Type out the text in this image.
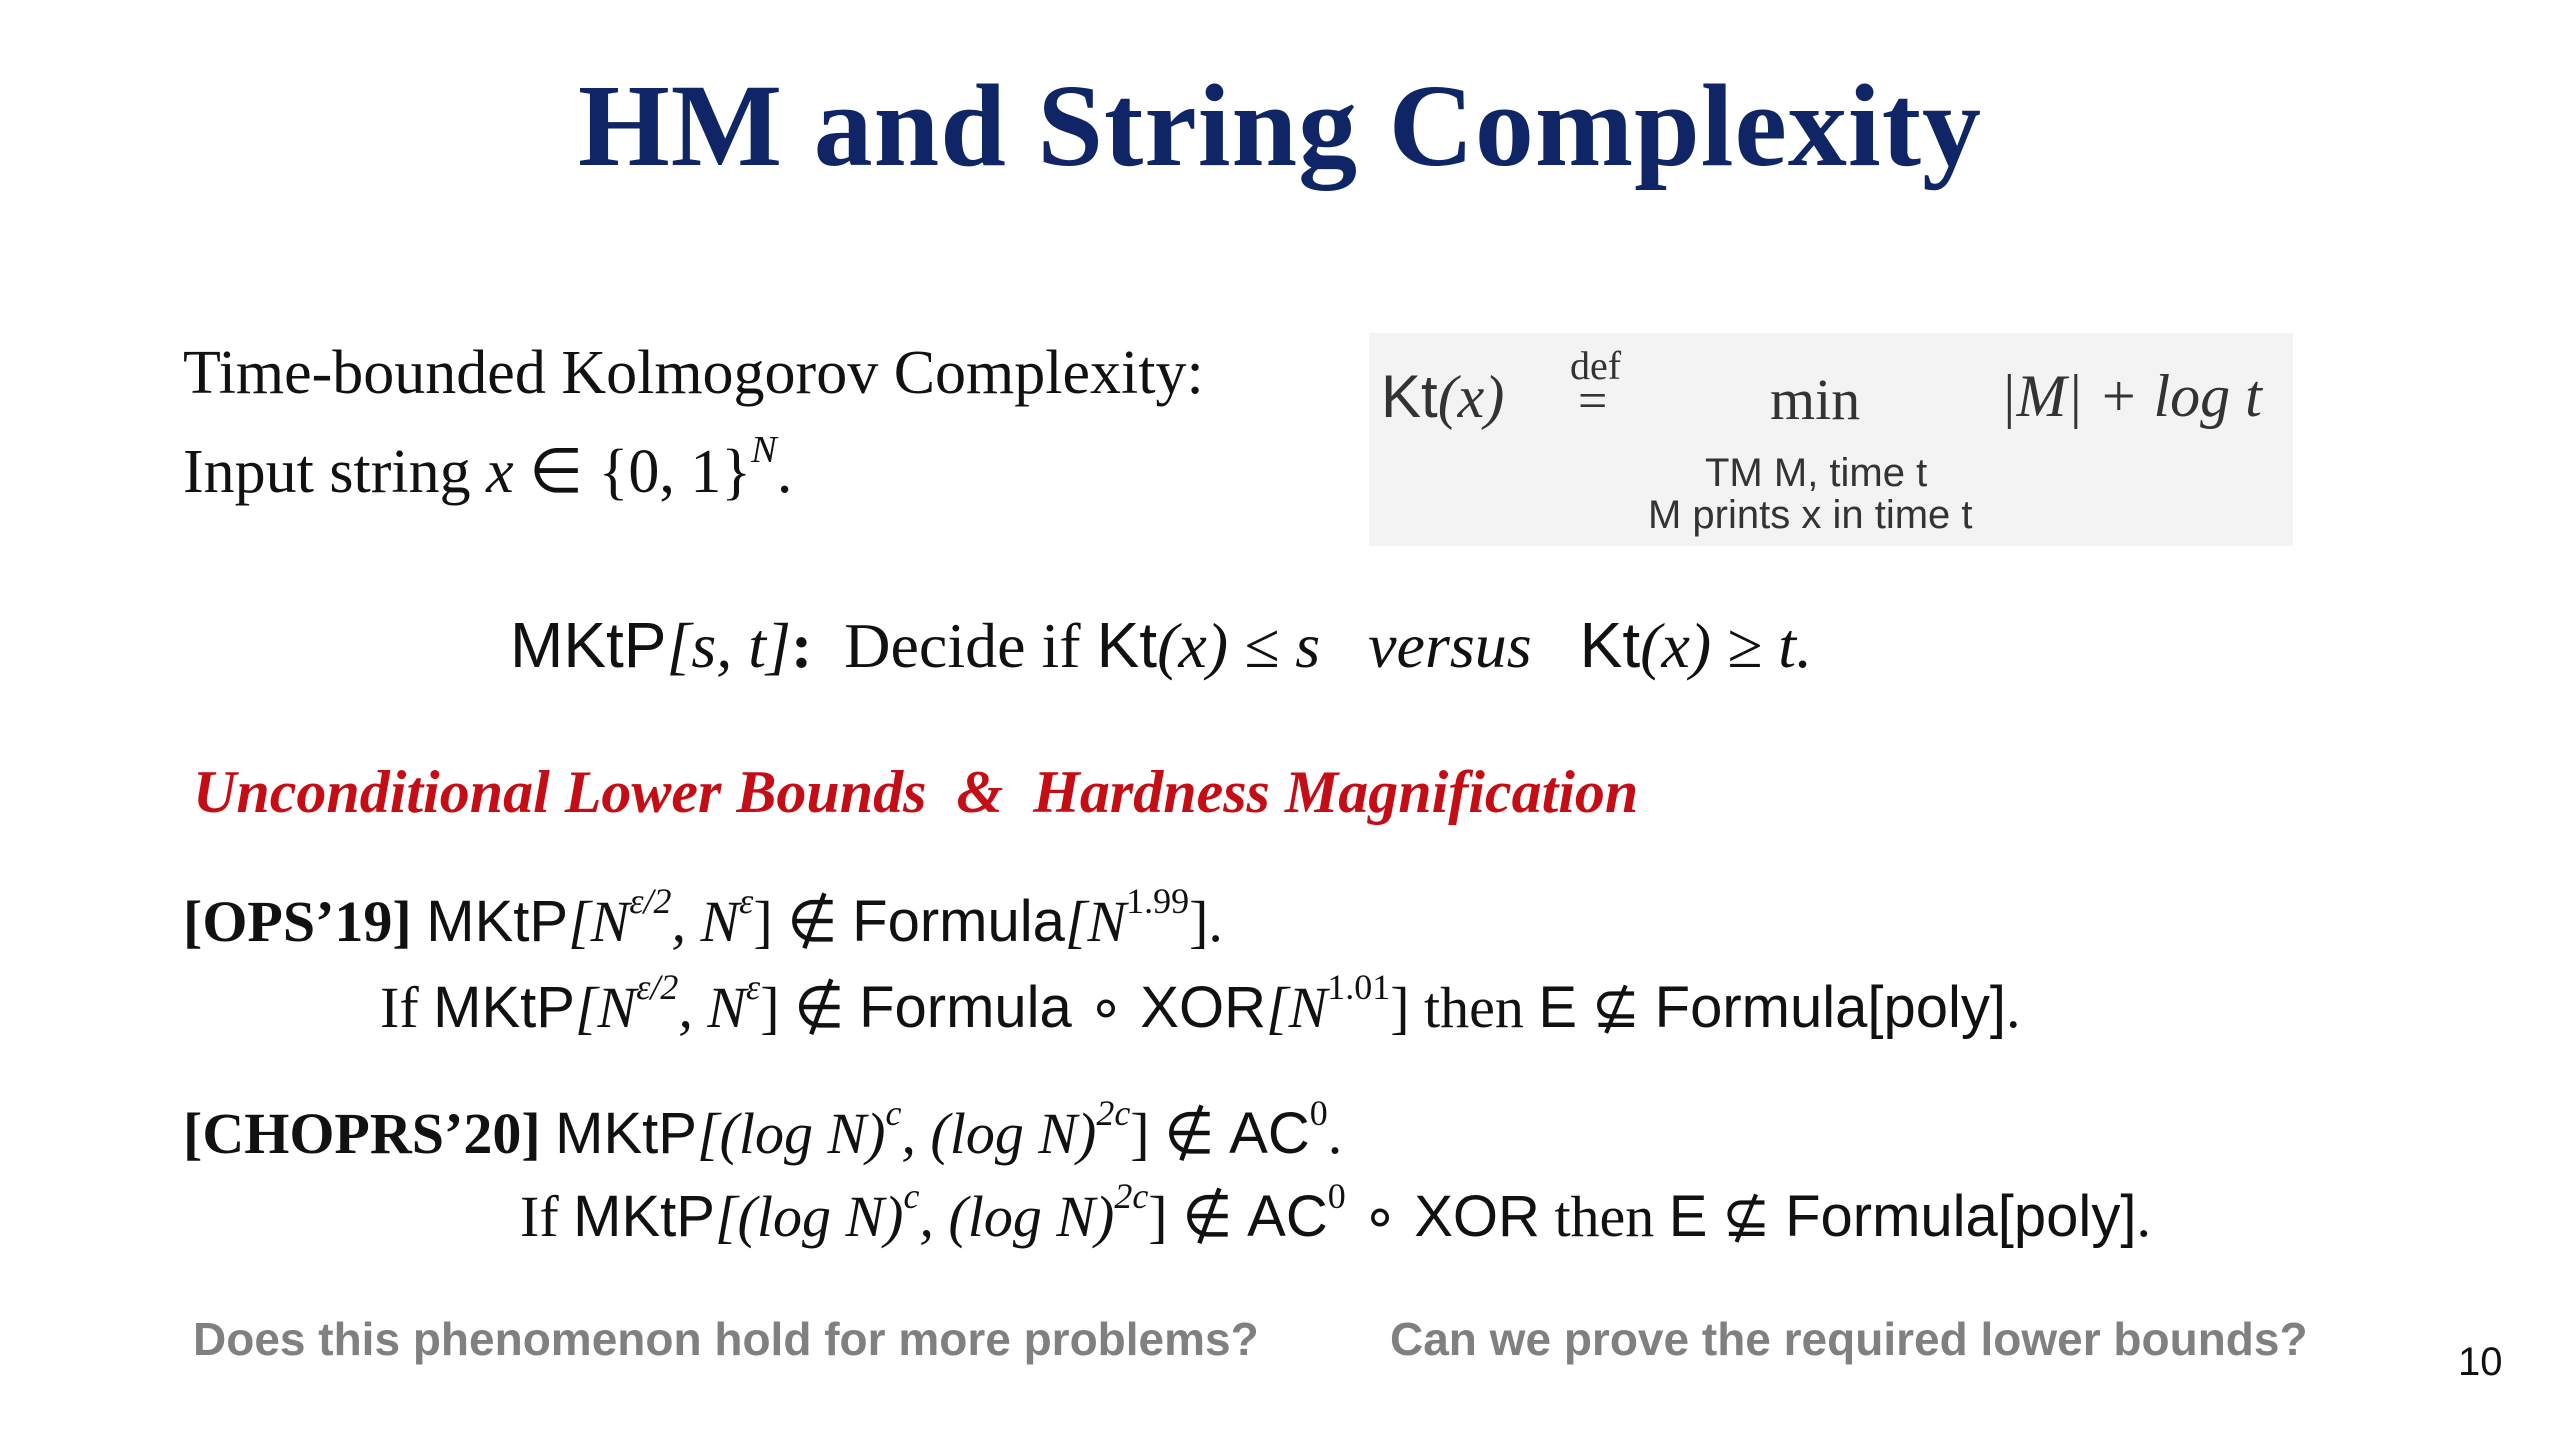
HM and String Complexity
Time-bounded Kolmogorov Complexity:
Input string x ∈ {0, 1}$^N$.
Kt(x) def
=	min |M| + log t
TM M, time t
M prints x in time t
MKtP[s, t]: Decide if Kt(x) ≤ s versus Kt(x) ≥ t.
Unconditional Lower Bounds  &  Hardness Magnification
[OPS’19] $MKtP[N^{\varepsilon/2}$, $N^\varepsilon$] ∉ $Formula[N^{1.99}]$.
If $MKtP[N^{\varepsilon/2}$, $N^\varepsilon$] ∉ Formula ∘ $XOR[N^{1.01}]$ then E ⊈ Formula[poly].
[CHOPRS’20] MKtP[(log N)$^c$, (log N)$^{2c}$] ∉ $AC^0$.
If MKtP[(log N)$^c$, (log N)$^{2c}$] ∉ $AC^0$ ∘ XOR then E ⊈ Formula[poly].
Does this phenomenon hold for more problems?	Can we prove the required lower bounds?	10
